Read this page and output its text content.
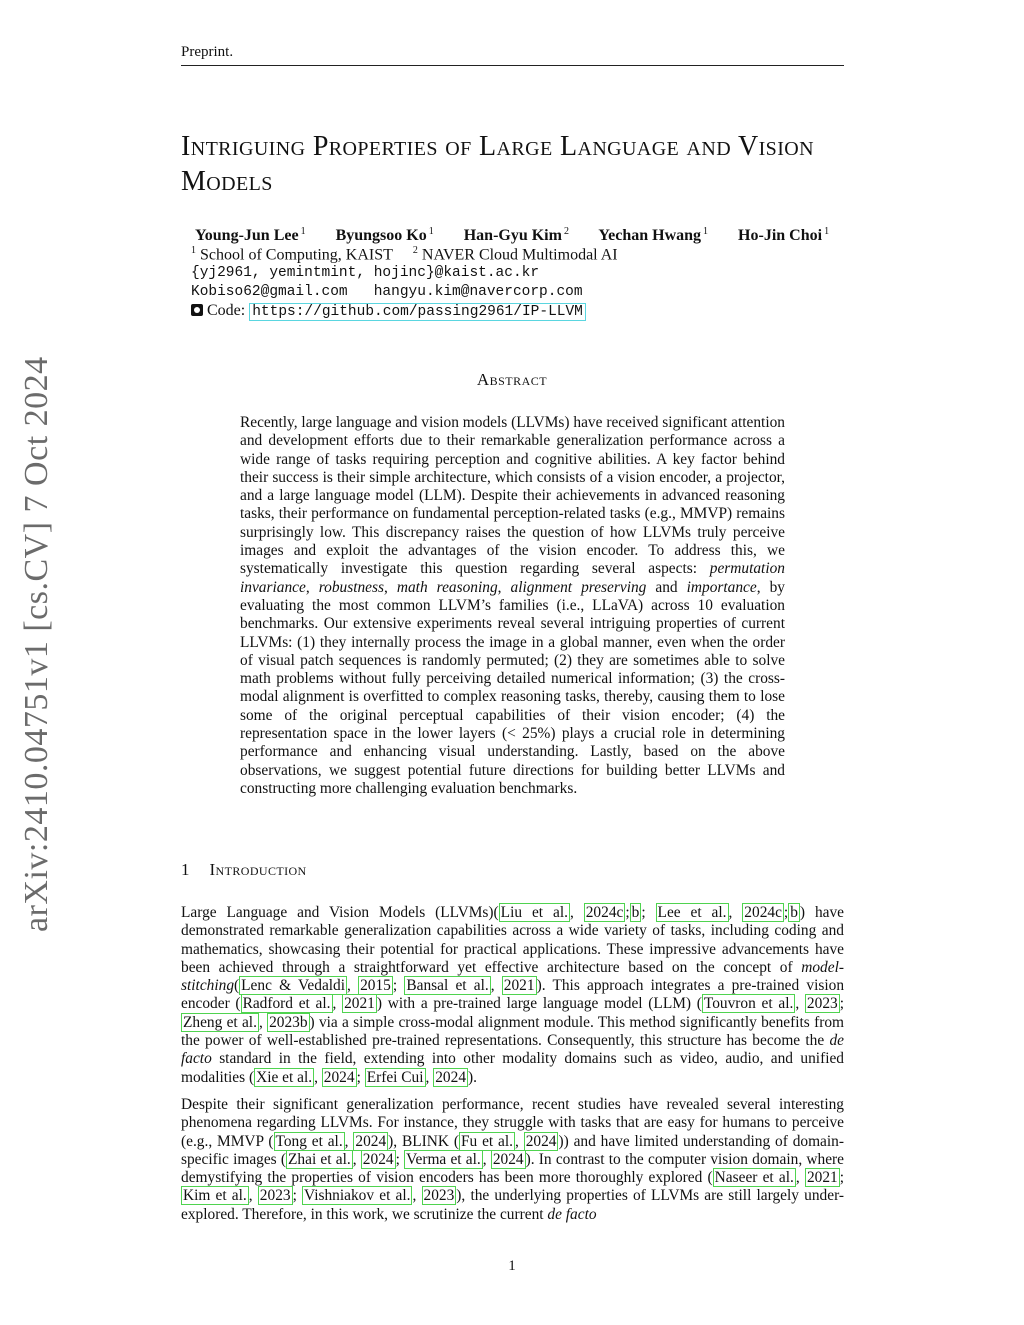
Preprint.
arXiv:2410.04751v1 [cs.CV] 7 Oct 2024
Intriguing Properties of Large Language and Vision Models
Young-Jun Lee $^1$ Byungsoo Ko $^1$ Han-Gyu Kim $^2$ Yechan Hwang $^1$ Ho-Jin Choi $^1$
$^1$ School of Computing, KAIST $^2$ NAVER Cloud Multimodal AI
{yj2961, yemintmint, hojinc}@kaist.ac.kr
Kobiso62@gmail.com   hangyu.kim@navercorp.com
Code: https://github.com/passing2961/IP-LLVM
Abstract
Recently, large language and vision models (LLVMs) have received significant attention and development efforts due to their remarkable generalization performance across a wide range of tasks requiring perception and cognitive abilities. A key factor behind their success is their simple architecture, which consists of a vision encoder, a projector, and a large language model (LLM). Despite their achievements in advanced reasoning tasks, their performance on fundamental perception-related tasks (e.g., MMVP) remains surprisingly low. This discrepancy raises the question of how LLVMs truly perceive images and exploit the advantages of the vision encoder. To address this, we systematically investigate this question regarding several aspects: permutation invariance, robustness, math reasoning, alignment preserving and importance, by evaluating the most common LLVM’s families (i.e., LLaVA) across 10 evaluation benchmarks. Our extensive experiments reveal several intriguing properties of current LLVMs: (1) they internally process the image in a global manner, even when the order of visual patch sequences is randomly permuted; (2) they are sometimes able to solve math problems without fully perceiving detailed numerical information; (3) the cross-modal alignment is overfitted to complex reasoning tasks, thereby, causing them to lose some of the original perceptual capabilities of their vision encoder; (4) the representation space in the lower layers (< 25%) plays a crucial role in determining performance and enhancing visual understanding. Lastly, based on the above observations, we suggest potential future directions for building better LLVMs and constructing more challenging evaluation benchmarks.
1 Introduction

Large Language and Vision Models (LLVMs)( Liu et al. , 2024c ; b ; Lee et al. , 2024c ; b ) have demonstrated remarkable generalization capabilities across a wide variety of tasks, including coding and mathematics, showcasing their potential for practical applications. These impressive advancements have been achieved through a straightforward yet effective architecture based on the concept of model-stitching( Lenc & Vedaldi , 2015 ; Bansal et al. , 2021 ). This approach integrates a pre-trained vision encoder ( Radford et al. , 2021 ) with a pre-trained large language model (LLM) ( Touvron et al. , 2023 ; Zheng et al. , 2023b ) via a simple cross-modal alignment module. This method significantly benefits from the power of well-established pre-trained representations. Consequently, this structure has become the de facto standard in the field, extending into other modality domains such as video, audio, and unified modalities ( Xie et al. , 2024 ; Erfei Cui , 2024 ).

Despite their significant generalization performance, recent studies have revealed several interesting phenomena regarding LLVMs. For instance, they struggle with tasks that are easy for humans to perceive (e.g., MMVP ( Tong et al. , 2024 ), BLINK ( Fu et al. , 2024 )) and have limited understanding of domain-specific images ( Zhai et al. , 2024 ; Verma et al. , 2024 ). In contrast to the computer vision domain, where demystifying the properties of vision encoders has been more thoroughly explored ( Naseer et al. , 2021 ; Kim et al. , 2023 ; Vishniakov et al. , 2023 ), the underlying properties of LLVMs are still largely under-explored. Therefore, in this work, we scrutinize the current de facto

1
